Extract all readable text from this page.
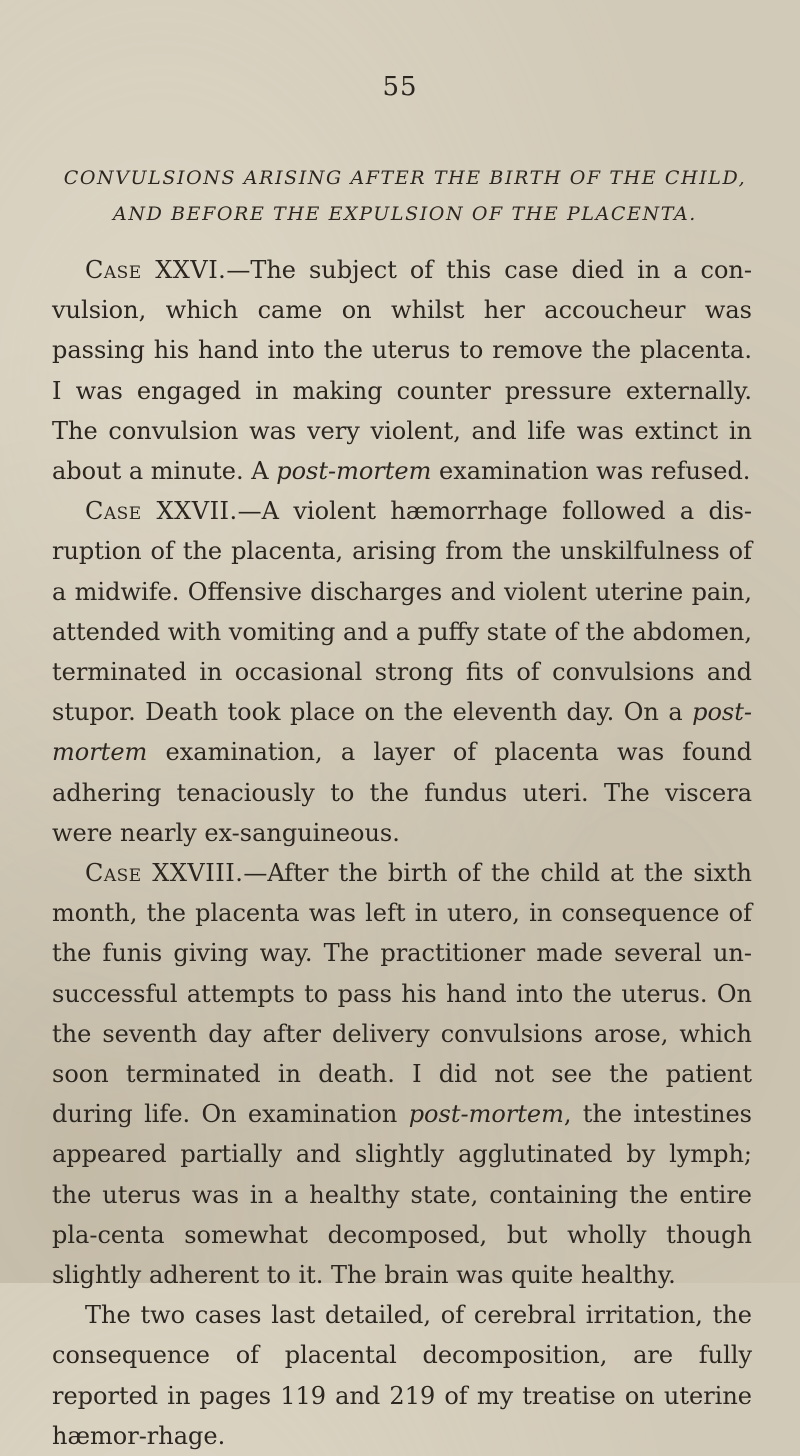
55
CONVULSIONS ARISING AFTER THE BIRTH OF THE CHILD,
AND BEFORE THE EXPULSION OF THE PLACENTA.

Case XXVI.—The subject of this case died in a con-vulsion, which came on whilst her accoucheur was passing his hand into the uterus to remove the placenta. I was engaged in making counter pressure externally. The convulsion was very violent, and life was extinct in about a minute. A post-mortem examination was refused.

Case XXVII.—A violent hæmorrhage followed a dis-ruption of the placenta, arising from the unskilfulness of a midwife. Offensive discharges and violent uterine pain, attended with vomiting and a puffy state of the abdomen, terminated in occasional strong fits of convulsions and stupor. Death took place on the eleventh day. On a post-mortem examination, a layer of placenta was found adhering tenaciously to the fundus uteri. The viscera were nearly ex-sanguineous.

Case XXVIII.—After the birth of the child at the sixth month, the placenta was left in utero, in consequence of the funis giving way. The practitioner made several un-successful attempts to pass his hand into the uterus. On the seventh day after delivery convulsions arose, which soon terminated in death. I did not see the patient during life. On examination post-mortem, the intestines appeared partially and slightly agglutinated by lymph; the uterus was in a healthy state, containing the entire pla-centa somewhat decomposed, but wholly though slightly adherent to it. The brain was quite healthy.

The two cases last detailed, of cerebral irritation, the consequence of placental decomposition, are fully reported in pages 119 and 219 of my treatise on uterine hæmor-rhage.
